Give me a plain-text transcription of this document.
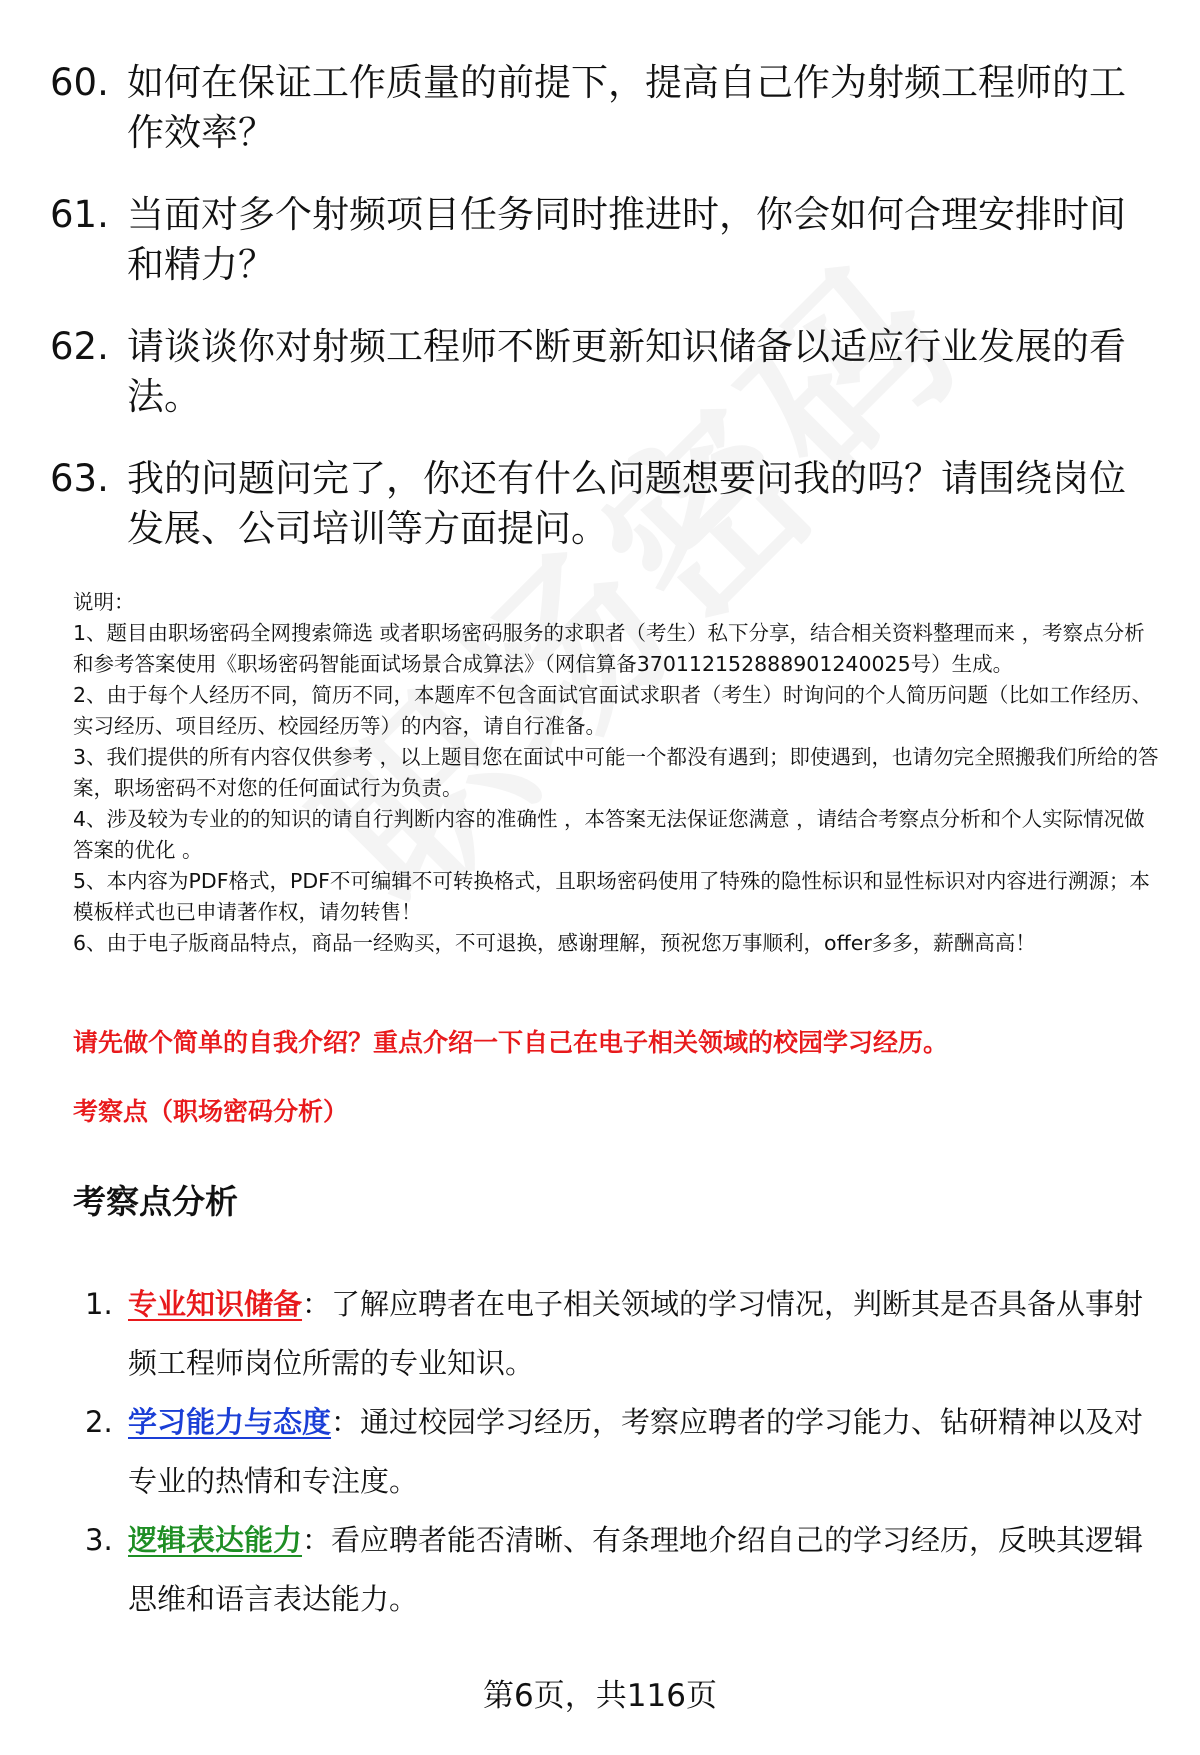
60. 如何在保证工作质量的前提下，提高自己作为射频工程师的工作效率？
61. 当面对多个射频项目任务同时推进时，你会如何合理安排时间和精力？
62. 请谈谈你对射频工程师不断更新知识储备以适应行业发展的看法。
63. 我的问题问完了，你还有什么问题想要问我的吗？请围绕岗位发展、公司培训等方面提问。
说明：
1、题目由职场密码全网搜索筛选 或者职场密码服务的求职者（考生）私下分享，结合相关资料整理而来 ，考察点分析和参考答案使用《职场密码智能面试场景合成算法》（网信算备370112152888901240025号）生成。
2、由于每个人经历不同，简历不同，本题库不包含面试官面试求职者（考生）时询问的个人简历问题（比如工作经历、实习经历、项目经历、校园经历等）的内容，请自行准备。
3、我们提供的所有内容仅供参考 ，以上题目您在面试中可能一个都没有遇到；即使遇到，也请勿完全照搬我们所给的答案，职场密码不对您的任何面试行为负责。
4、涉及较为专业的的知识的请自行判断内容的准确性 ，本答案无法保证您满意 ，请结合考察点分析和个人实际情况做答案的优化 。
5、本内容为PDF格式，PDF不可编辑不可转换格式，且职场密码使用了特殊的隐性标识和显性标识对内容进行溯源；本模板样式也已申请著作权，请勿转售！
6、由于电子版商品特点，商品一经购买，不可退换，感谢理解，预祝您万事顺利，offer多多，薪酬高高！
请先做个简单的自我介绍？重点介绍一下自己在电子相关领域的校园学习经历。
考察点（职场密码分析）
考察点分析
1. 专业知识储备：了解应聘者在电子相关领域的学习情况，判断其是否具备从事射频工程师岗位所需的专业知识。
2. 学习能力与态度：通过校园学习经历，考察应聘者的学习能力、钻研精神以及对专业的热情和专注度。
3. 逻辑表达能力：看应聘者能否清晰、有条理地介绍自己的学习经历，反映其逻辑思维和语言表达能力。
第6页，共116页
